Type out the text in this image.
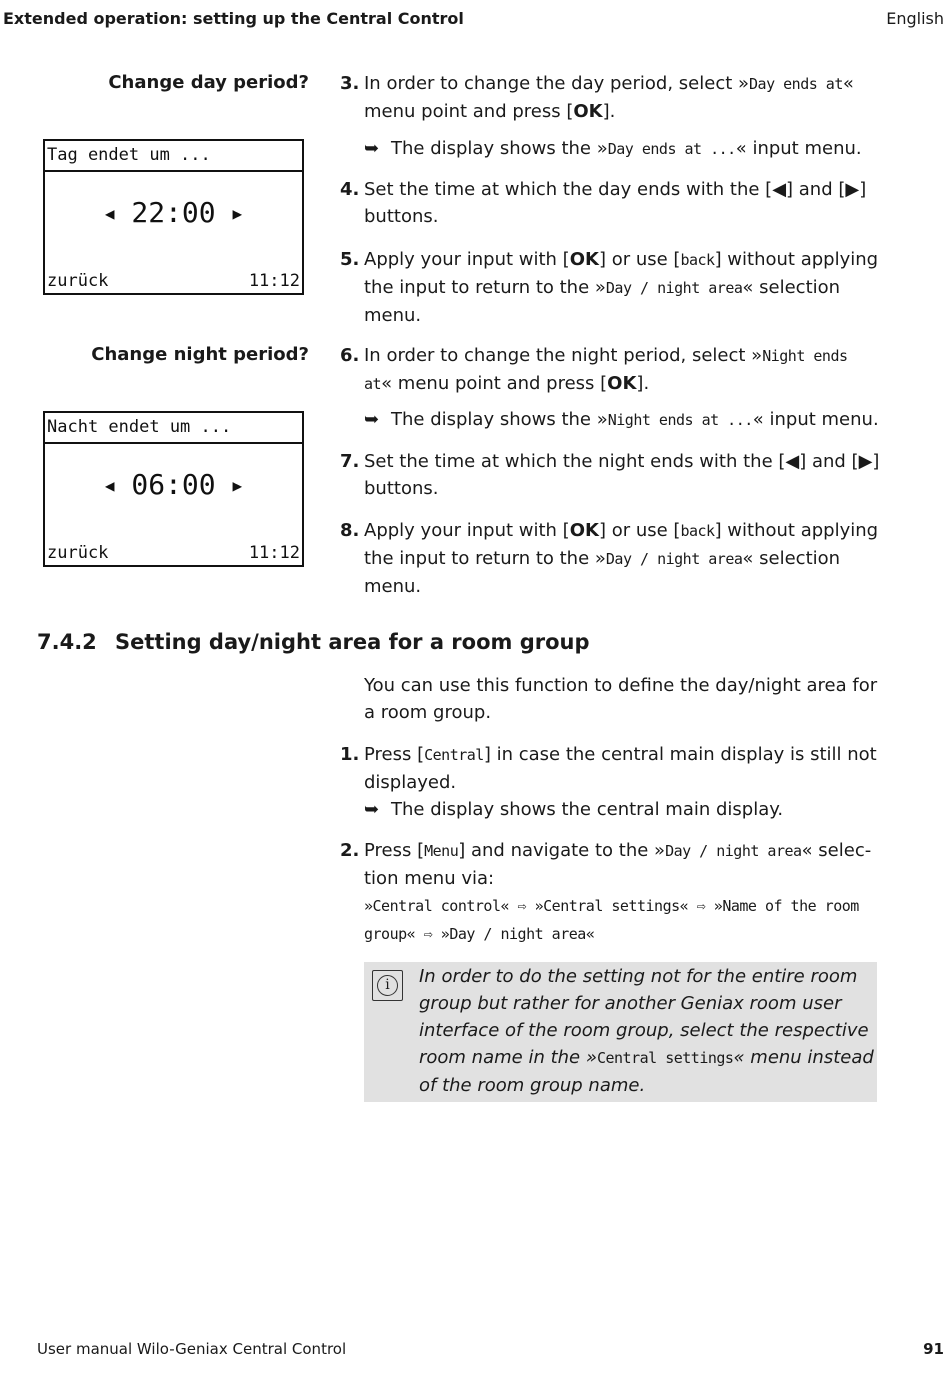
Extended operation: setting up the Central Control	English
Change day period?
Change night period?
Tag endet um ...
◀ 22:00 ▶
zurück	11:12
Nacht endet um ...
◀ 06:00 ▶
zurück	11:12
3. In order to change the day period, select »Day ends at« menu point and press [OK].
➥ The display shows the »Day ends at ...« input menu.
4. Set the time at which the day ends with the [◀] and [▶] buttons.
5. Apply your input with [OK] or use [back] without applying the input to return to the »Day / night area« selection menu.
6. In order to change the night period, select »Night ends at« menu point and press [OK].
➥ The display shows the »Night ends at ...« input menu.
7. Set the time at which the night ends with the [◀] and [▶] buttons.
8. Apply your input with [OK] or use [back] without applying the input to return to the »Day / night area« selection menu.
7.4.2 Setting day/night area for a room group
You can use this function to define the day/night area for a room group.
1. Press [Central] in case the central main display is still not displayed.
➥ The display shows the central main display.
2. Press [Menu] and navigate to the »Day / night area« selec-tion menu via:
»Central control« ⇨ »Central settings« ⇨ »Name of the room group« ⇨ »Day / night area«
i	In order to do the setting not for the entire room group but rather for another Geniax room user interface of the room group, select the respective room name in the »Central settings« menu instead of the room group name.
User manual Wilo-Geniax Central Control	91
